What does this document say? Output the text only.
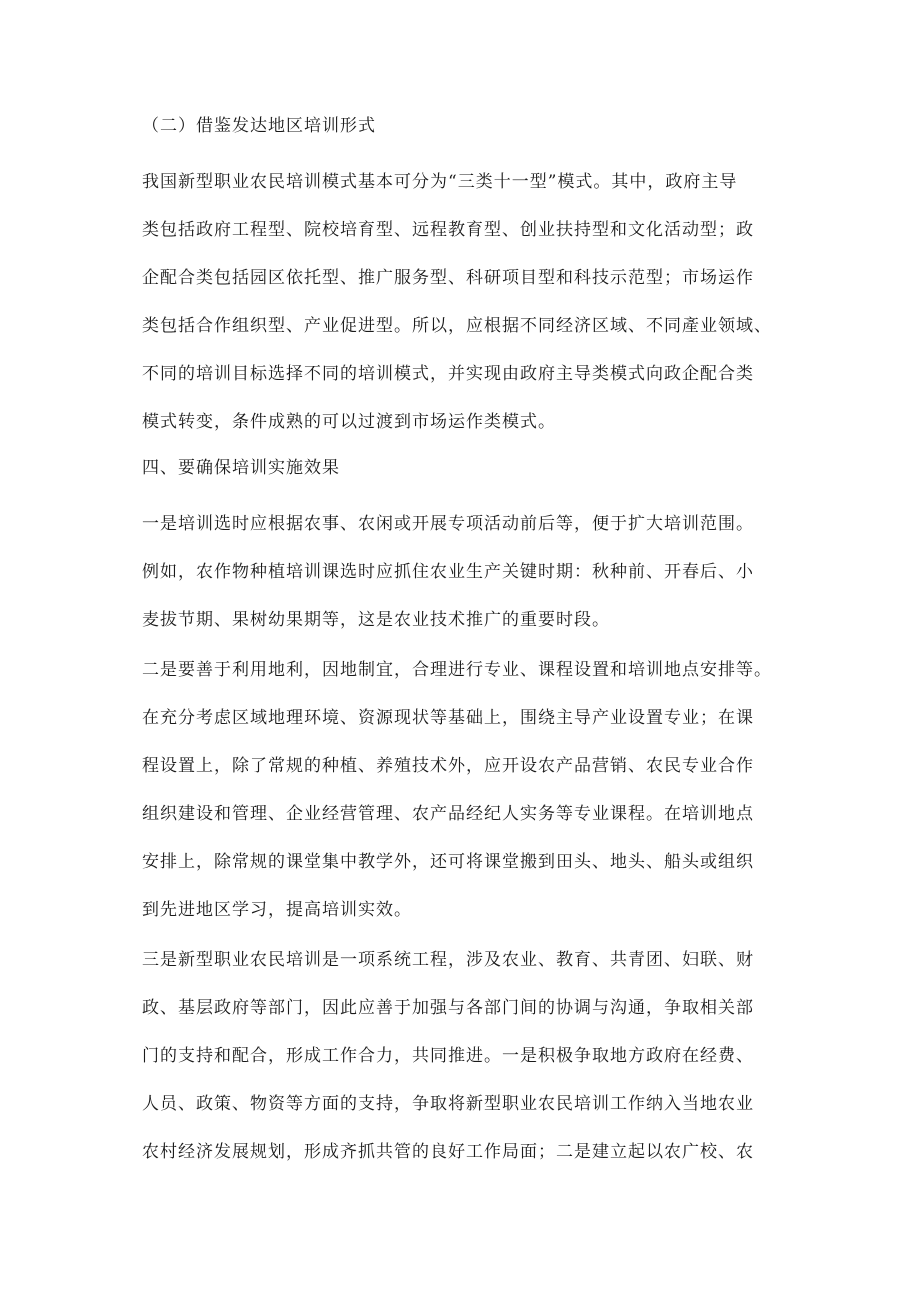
（二）借鉴发达地区培训形式
我国新型职业农民培训模式基本可分为“三类十一型”模式。其中，政府主导
类包括政府工程型、院校培育型、远程教育型、创业扶持型和文化活动型；政
企配合类包括园区依托型、推广服务型、科研项目型和科技示范型；市场运作
类包括合作组织型、产业促进型。所以，应根据不同经济区域、不同產业领域、
不同的培训目标选择不同的培训模式，并实现由政府主导类模式向政企配合类
模式转变，条件成熟的可以过渡到市场运作类模式。
四、要确保培训实施效果
一是培训选时应根据农事、农闲或开展专项活动前后等，便于扩大培训范围。
例如，农作物种植培训课选时应抓住农业生产关键时期：秋种前、开春后、小
麦拔节期、果树幼果期等，这是农业技术推广的重要时段。
二是要善于利用地利，因地制宜，合理进行专业、课程设置和培训地点安排等。
在充分考虑区域地理环境、资源现状等基础上，围绕主导产业设置专业；在课
程设置上，除了常规的种植、养殖技术外，应开设农产品营销、农民专业合作
组织建设和管理、企业经营管理、农产品经纪人实务等专业课程。在培训地点
安排上，除常规的课堂集中教学外，还可将课堂搬到田头、地头、船头或组织
到先进地区学习，提高培训实效。
三是新型职业农民培训是一项系统工程，涉及农业、教育、共青团、妇联、财
政、基层政府等部门，因此应善于加强与各部门间的协调与沟通，争取相关部
门的支持和配合，形成工作合力，共同推进。一是积极争取地方政府在经费、
人员、政策、物资等方面的支持，争取将新型职业农民培训工作纳入当地农业
农村经济发展规划，形成齐抓共管的良好工作局面；二是建立起以农广校、农
